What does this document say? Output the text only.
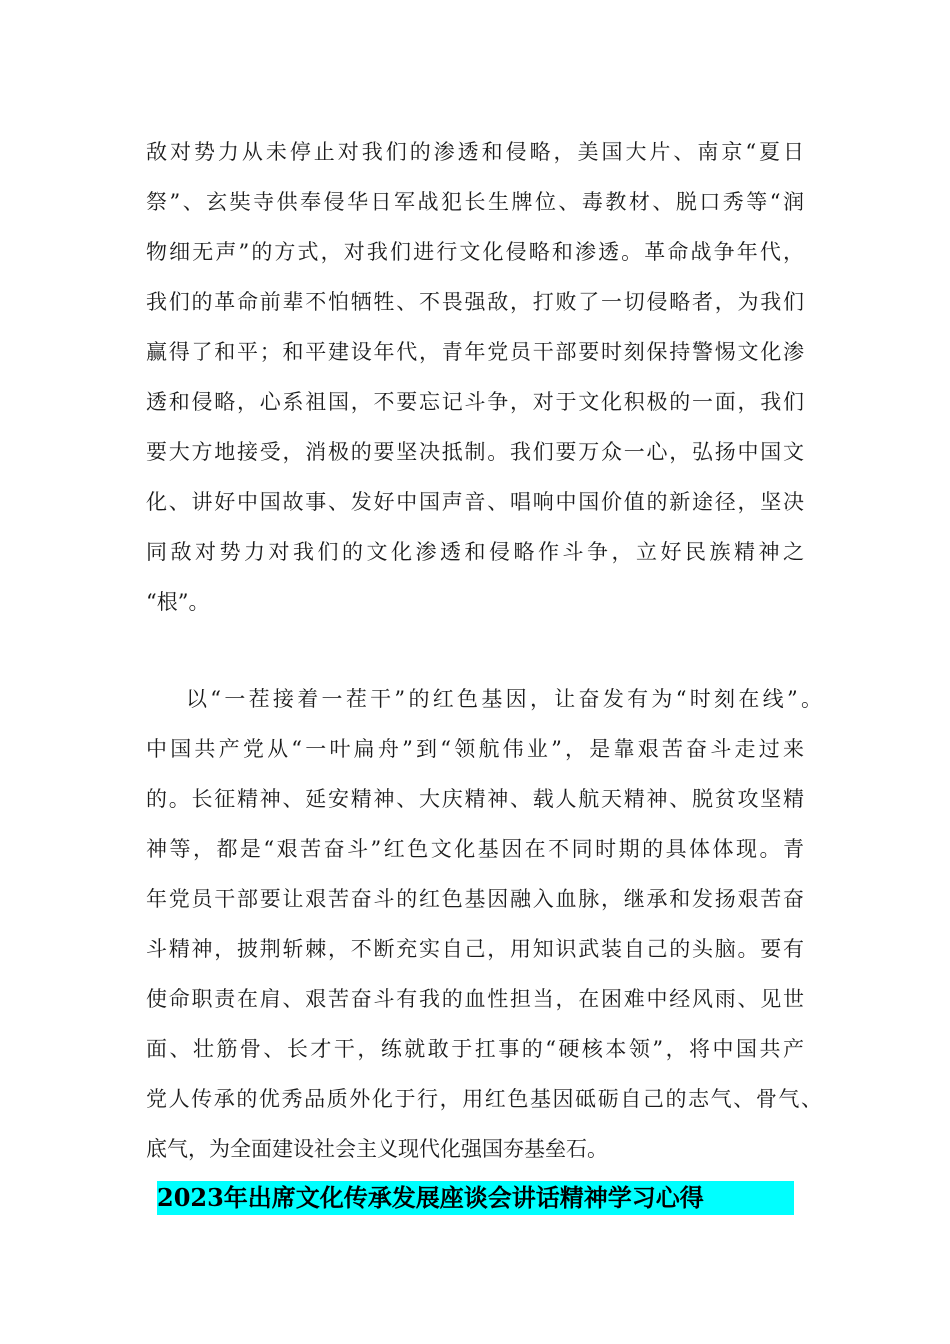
敌对势力从未停止对我们的渗透和侵略，美国大片、南京“夏日
祭”、玄奘寺供奉侵华日军战犯长生牌位、毒教材、脱口秀等“润
物细无声”的方式，对我们进行文化侵略和渗透。革命战争年代，
我们的革命前辈不怕牺牲、不畏强敌，打败了一切侵略者，为我们
赢得了和平；和平建设年代，青年党员干部要时刻保持警惕文化渗
透和侵略，心系祖国，不要忘记斗争，对于文化积极的一面，我们
要大方地接受，消极的要坚决抵制。我们要万众一心，弘扬中国文
化、讲好中国故事、发好中国声音、唱响中国价值的新途径，坚决
同敌对势力对我们的文化渗透和侵略作斗争，立好民族精神之
“根”。
以“一茬接着一茬干”的红色基因，让奋发有为“时刻在线”。
中国共产党从“一叶扁舟”到“领航伟业”，是靠艰苦奋斗走过来
的。长征精神、延安精神、大庆精神、载人航天精神、脱贫攻坚精
神等，都是“艰苦奋斗”红色文化基因在不同时期的具体体现。青
年党员干部要让艰苦奋斗的红色基因融入血脉，继承和发扬艰苦奋
斗精神，披荆斩棘，不断充实自己，用知识武装自己的头脑。要有
使命职责在肩、艰苦奋斗有我的血性担当，在困难中经风雨、见世
面、壮筋骨、长才干，练就敢于扛事的“硬核本领”，将中国共产
党人传承的优秀品质外化于行，用红色基因砥砺自己的志气、骨气、
底气，为全面建设社会主义现代化强国夯基垒石。
2023年出席文化传承发展座谈会讲话精神学习心得
